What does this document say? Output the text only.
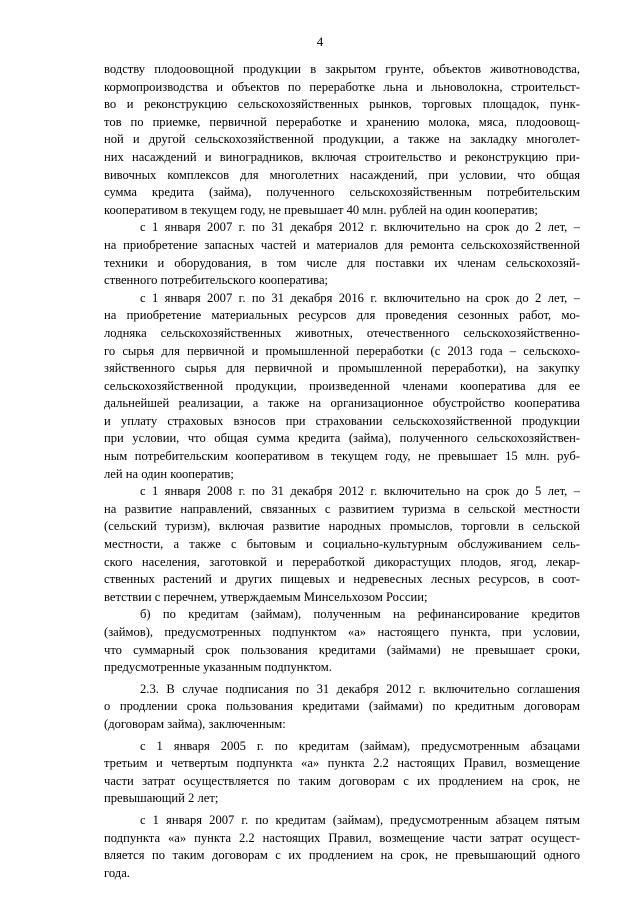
4
водству плодоовощной продукции в закрытом грунте, объектов животноводства,
кормопроизводства и объектов по переработке льна и льноволокна, строительст-
во и реконструкцию сельскохозяйственных рынков, торговых площадок, пунк-
тов по приемке, первичной переработке и хранению молока, мяса, плодоовощ-
ной и другой сельскохозяйственной продукции, а также на закладку многолет-
них насаждений и виноградников, включая строительство и реконструкцию при-
вивочных комплексов для многолетних насаждений, при условии, что общая
сумма кредита (займа), полученного сельскохозяйственным потребительским
кооперативом в текущем году, не превышает 40 млн. рублей на один кооператив;
с 1 января 2007 г. по 31 декабря 2012 г. включительно на срок до 2 лет, –
на приобретение запасных частей и материалов для ремонта сельскохозяйственной
техники и оборудования, в том числе для поставки их членам сельскохозяй-
ственного потребительского кооператива;
с 1 января 2007 г. по 31 декабря 2016 г. включительно на срок до 2 лет, –
на приобретение материальных ресурсов для проведения сезонных работ, мо-
лодняка сельскохозяйственных животных, отечественного сельскохозяйственно-
го сырья для первичной и промышленной переработки (с 2013 года – сельскохо-
зяйственного сырья для первичной и промышленной переработки), на закупку
сельскохозяйственной продукции, произведенной членами кооператива для ее
дальнейшей реализации, а также на организационное обустройство кооператива
и уплату страховых взносов при страховании сельскохозяйственной продукции
при условии, что общая сумма кредита (займа), полученного сельскохозяйствен-
ным потребительским кооперативом в текущем году, не превышает 15 млн. руб-
лей на один кооператив;
с 1 января 2008 г. по 31 декабря 2012 г. включительно на срок до 5 лет, –
на развитие направлений, связанных с развитием туризма в сельской местности
(сельский туризм), включая развитие народных промыслов, торговли в сельской
местности, а также с бытовым и социально-культурным обслуживанием сель-
ского населения, заготовкой и переработкой дикорастущих плодов, ягод, лекар-
ственных растений и других пищевых и недревесных лесных ресурсов, в соот-
ветствии с перечнем, утверждаемым Минсельхозом России;
б) по кредитам (займам), полученным на рефинансирование кредитов
(займов), предусмотренных подпунктом «а» настоящего пункта, при условии,
что суммарный срок пользования кредитами (займами) не превышает сроки,
предусмотренные указанным подпунктом.
2.3. В случае подписания по 31 декабря 2012 г. включительно соглашения
о продлении срока пользования кредитами (займами) по кредитным договорам
(договорам займа), заключенным:
с 1 января 2005 г. по кредитам (займам), предусмотренным абзацами
третьим и четвертым подпункта «а» пункта 2.2 настоящих Правил, возмещение
части затрат осуществляется по таким договорам с их продлением на срок, не
превышающий 2 лет;
с 1 января 2007 г. по кредитам (займам), предусмотренным абзацем пятым
подпункта «а» пункта 2.2 настоящих Правил, возмещение части затрат осущест-
вляется по таким договорам с их продлением на срок, не превышающий одного
года.
